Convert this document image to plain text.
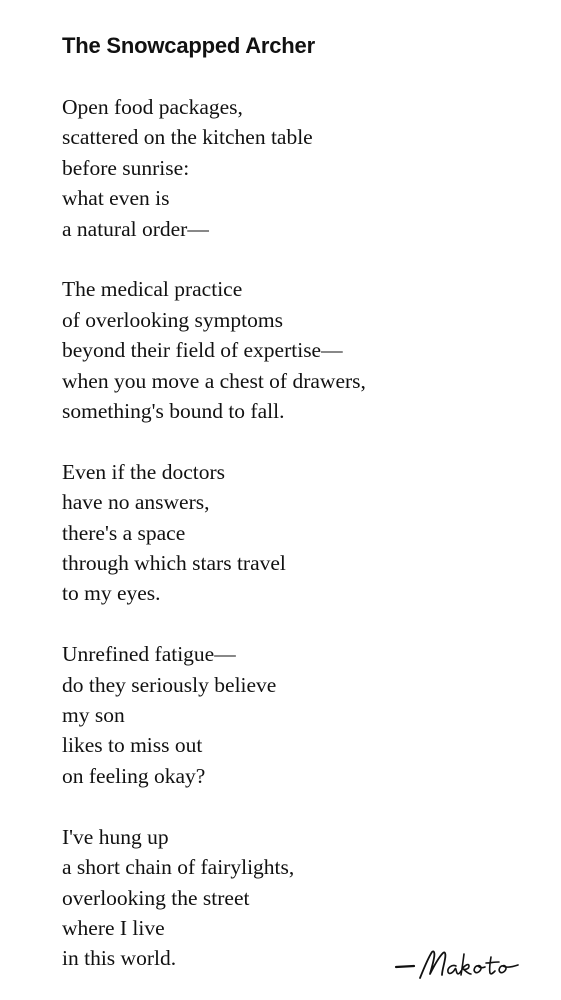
The Snowcapped Archer

Open food packages,
scattered on the kitchen table
before sunrise:
what even is
a natural order—

The medical practice
of overlooking symptoms
beyond their field of expertise—
when you move a chest of drawers,
something's bound to fall.

Even if the doctors
have no answers,
there's a space
through which stars travel
to my eyes.

Unrefined fatigue—
do they seriously believe
my son
likes to miss out
on feeling okay?

I've hung up
a short chain of fairylights,
overlooking the street
where I live
in this world.
